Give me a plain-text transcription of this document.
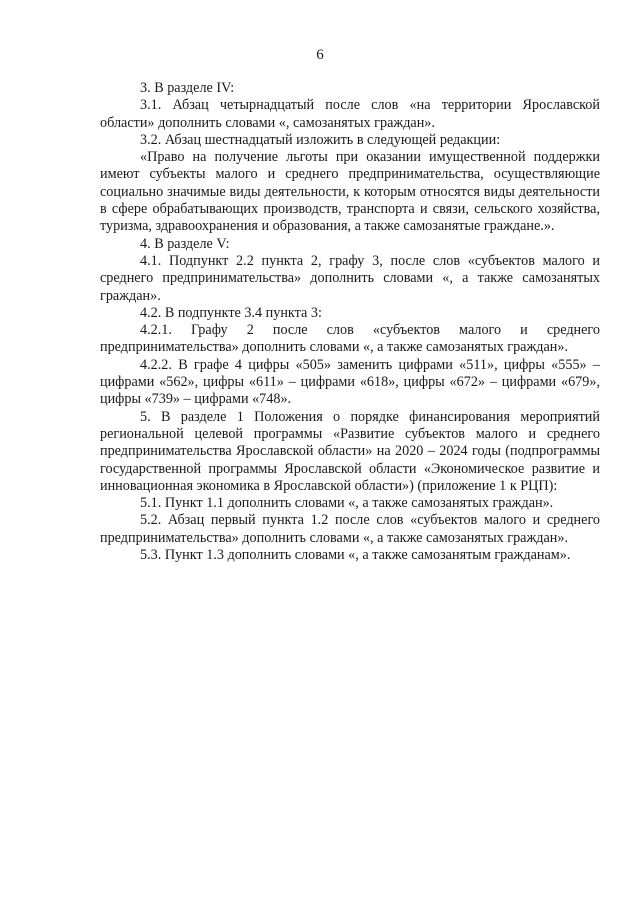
6

3. В разделе IV:

3.1. Абзац четырнадцатый после слов «на территории Ярославской области» дополнить словами «, самозанятых граждан».

3.2. Абзац шестнадцатый изложить в следующей редакции:

«Право на получение льготы при оказании имущественной поддержки имеют субъекты малого и среднего предпринимательства, осуществляющие социально значимые виды деятельности, к которым относятся виды деятельности в сфере обрабатывающих производств, транспорта и связи, сельского хозяйства, туризма, здравоохранения и образования, а также самозанятые граждане.».

4. В разделе V:

4.1. Подпункт 2.2 пункта 2, графу 3, после слов «субъектов малого и среднего предпринимательства» дополнить словами «, а также самозанятых граждан».

4.2. В подпункте 3.4 пункта 3:

4.2.1. Графу 2 после слов «субъектов малого и среднего предпринимательства» дополнить словами «, а также самозанятых граждан».

4.2.2. В графе 4 цифры «505» заменить цифрами «511», цифры «555» – цифрами «562», цифры «611» – цифрами «618», цифры «672» – цифрами «679», цифры «739» – цифрами «748».

5. В разделе 1 Положения о порядке финансирования мероприятий региональной целевой программы «Развитие субъектов малого и среднего предпринимательства Ярославской области» на 2020 – 2024 годы (подпрограммы государственной программы Ярославской области «Экономическое развитие и инновационная экономика в Ярославской области») (приложение 1 к РЦП):

5.1. Пункт 1.1 дополнить словами «, а также самозанятых граждан».

5.2. Абзац первый пункта 1.2 после слов «субъектов малого и среднего предпринимательства» дополнить словами «, а также самозанятых граждан».

5.3. Пункт 1.3 дополнить словами «, а также самозанятым гражданам».
